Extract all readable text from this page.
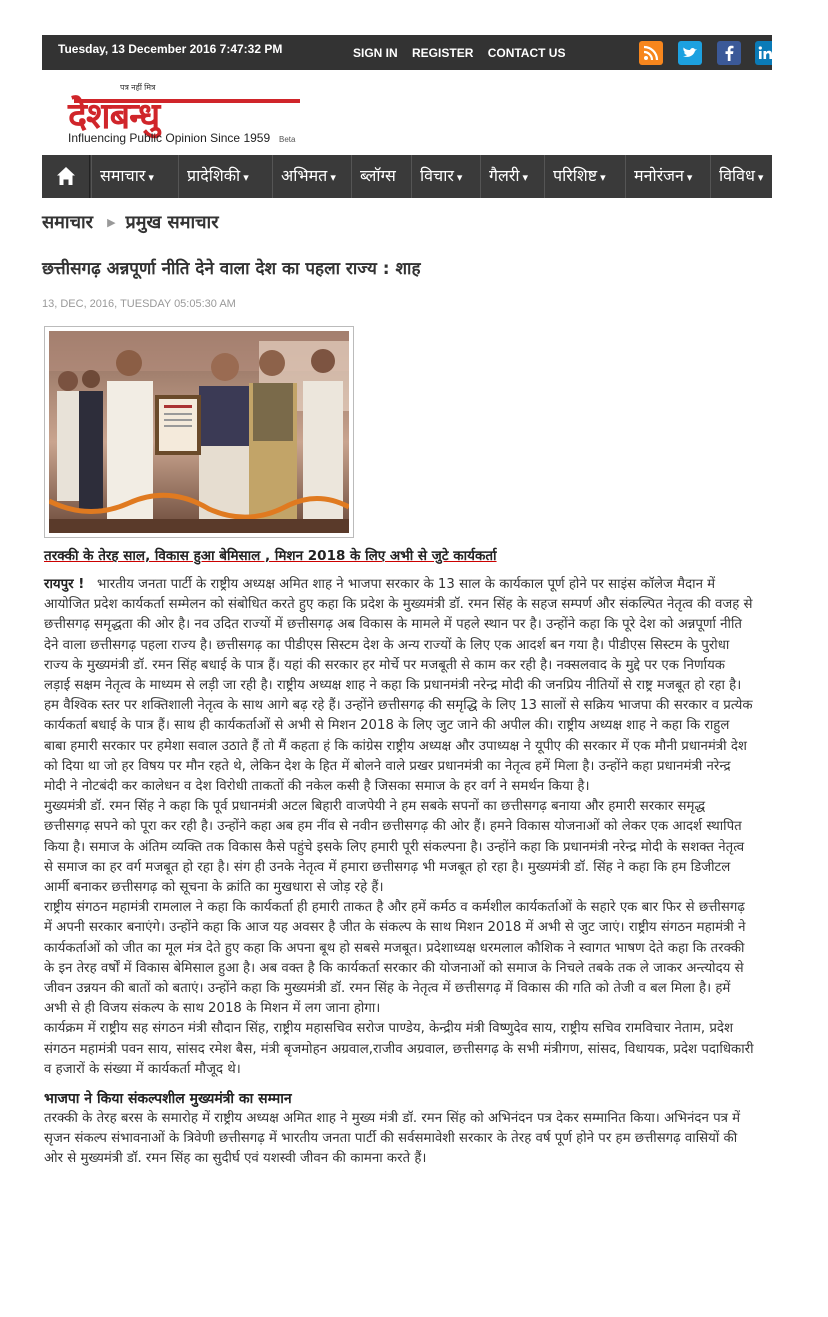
Tuesday, 13 December 2016 7:47:32 PM	SIGN IN REGISTER CONTACT US
पत्र नहीं मित्र
देशबन्धु
Influencing Public Opinion Since 1959 Beta
समाचार ▾	प्रादेशिकी ▾	अभिमत ▾	ब्लॉग्स	विचार ▾	गैलरी ▾	परिशिष्ट ▾	मनोरंजन ▾	विविध ▾
समाचार ▶ प्रमुख समाचार
छत्तीसगढ़ अन्नपूर्णा नीति देने वाला देश का पहला राज्य : शाह
13, DEC, 2016, TUESDAY 05:05:30 AM
तरक्की के तेरह साल, विकास हुआ बेमिसाल , मिशन 2018 के लिए अभी से जुटे कार्यकर्ता

रायपुर ! भारतीय जनता पार्टी के राष्ट्रीय अध्यक्ष अमित शाह ने भाजपा सरकार के 13 साल के कार्यकाल पूर्ण होने पर साइंस कॉलेज मैदान में आयोजित प्रदेश कार्यकर्ता सम्मेलन को संबोधित करते हुए कहा कि प्रदेश के मुख्यमंत्री डॉ. रमन सिंह के सहज सम्पर्ण और संकल्पित नेतृत्व की वजह से छत्तीसगढ़ समृद्धता की ओर है। नव उदित राज्यों में छत्तीसगढ़ अब विकास के मामले में पहले स्थान पर है। उन्होंने कहा कि पूरे देश को अन्नपूर्णा नीति देने वाला छत्तीसगढ़ पहला राज्य है। छत्तीसगढ़ का पीडीएस सिस्टम देश के अन्य राज्यों के लिए एक आदर्श बन गया है। पीडीएस सिस्टम के पुरोधा राज्य के मुख्यमंत्री डॉ. रमन सिंह बधाई के पात्र हैं। यहां की सरकार हर मोर्चे पर मजबूती से काम कर रही है। नक्सलवाद के मुद्दे पर एक निर्णायक लड़ाई सक्षम नेतृत्व के माध्यम से लड़ी जा रही है। राष्ट्रीय अध्यक्ष शाह ने कहा कि प्रधानमंत्री नरेन्द्र मोदी की जनप्रिय नीतियों से राष्ट्र मजबूत हो रहा है। हम वैश्विक स्तर पर शक्तिशाली नेतृत्व के साथ आगे बढ़ रहे हैं। उन्होंने छत्तीसगढ़ की समृद्धि के लिए 13 सालों से सक्रिय भाजपा की सरकार व प्रत्येक कार्यकर्ता बधाई के पात्र हैं। साथ ही कार्यकर्ताओं से अभी से मिशन 2018 के लिए जुट जाने की अपील की। राष्ट्रीय अध्यक्ष शाह ने कहा कि राहुल बाबा हमारी सरकार पर हमेशा सवाल उठाते हैं तो मैं कहता हं कि कांग्रेस राष्ट्रीय अध्यक्ष और उपाध्यक्ष ने यूपीए की सरकार में एक मौनी प्रधानमंत्री देश को दिया था जो हर विषय पर मौन रहते थे, लेकिन देश के हित में बोलने वाले प्रखर प्रधानमंत्री का नेतृत्व हमें मिला है। उन्होंने कहा प्रधानमंत्री नरेन्द्र मोदी ने नोटबंदी कर कालेधन व देश विरोधी ताकतों की नकेल कसी है जिसका समाज के हर वर्ग ने समर्थन किया है।

मुख्यमंत्री डॉ. रमन सिंह ने कहा कि पूर्व प्रधानमंत्री अटल बिहारी वाजपेयी ने हम सबके सपनों का छत्तीसगढ़ बनाया और हमारी सरकार समृद्ध छत्तीसगढ़ सपने को पूरा कर रही है। उन्होंने कहा अब हम नींव से नवीन छत्तीसगढ़ की ओर हैं। हमने विकास योजनाओं को लेकर एक आदर्श स्थापित किया है। समाज के अंतिम व्यक्ति तक विकास कैसे पहुंचे इसके लिए हमारी पूरी संकल्पना है। उन्होंने कहा कि प्रधानमंत्री नरेन्द्र मोदी के सशक्त नेतृत्व से समाज का हर वर्ग मजबूत हो रहा है। संग ही उनके नेतृत्व में हमारा छत्तीसगढ़ भी मजबूत हो रहा है। मुख्यमंत्री डॉ. सिंह ने कहा कि हम डिजीटल आर्मी बनाकर छत्तीसगढ़ को सूचना के क्रांति का मुखधारा से जोड़ रहे हैं।

राष्ट्रीय संगठन महामंत्री रामलाल ने कहा कि कार्यकर्ता ही हमारी ताकत है और हमें कर्मठ व कर्मशील कार्यकर्ताओं के सहारे एक बार फिर से छत्तीसगढ़ में अपनी सरकार बनाएंगे। उन्होंने कहा कि आज यह अवसर है जीत के संकल्प के साथ मिशन 2018 में अभी से जुट जाएं। राष्ट्रीय संगठन महामंत्री ने कार्यकर्ताओं को जीत का मूल मंत्र देते हुए कहा कि अपना बूथ हो सबसे मजबूत। प्रदेशाध्यक्ष धरमलाल कौशिक ने स्वागत भाषण देते कहा कि तरक्की के इन तेरह वर्षों में विकास बेमिसाल हुआ है। अब वक्त है कि कार्यकर्ता सरकार की योजनाओं को समाज के निचले तबके तक ले जाकर अन्त्योदय से जीवन उन्नयन की बातों को बताएं। उन्होंने कहा कि मुख्यमंत्री डॉ. रमन सिंह के नेतृत्व में छत्तीसगढ़ में विकास की गति को तेजी व बल मिला है। हमें अभी से ही विजय संकल्प के साथ 2018 के मिशन में लग जाना होगा।

कार्यक्रम में राष्ट्रीय सह संगठन मंत्री सौदान सिंह, राष्ट्रीय महासचिव सरोज पाण्डेय, केन्द्रीय मंत्री विष्णुदेव साय, राष्ट्रीय सचिव रामविचार नेताम, प्रदेश संगठन महामंत्री पवन साय, सांसद रमेश बैस, मंत्री बृजमोहन अग्रवाल,राजीव अग्रवाल, छत्तीसगढ़ के सभी मंत्रीगण, सांसद, विधायक, प्रदेश पदाधिकारी व हजारों के संख्या में कार्यकर्ता मौजूद थे।

भाजपा ने किया संकल्पशील मुख्यमंत्री का सम्मान

तरक्की के तेरह बरस के समारोह में राष्ट्रीय अध्यक्ष अमित शाह ने मुख्य मंत्री डॉ. रमन सिंह को अभिनंदन पत्र देकर सम्मानित किया। अभिनंदन पत्र में सृजन संकल्प संभावनाओं के त्रिवेणी छत्तीसगढ़ में भारतीय जनता पार्टी की सर्वसमावेशी सरकार के तेरह वर्ष पूर्ण होने पर हम छत्तीसगढ़ वासियों की ओर से मुख्यमंत्री डॉ. रमन सिंह का सुदीर्घ एवं यशस्वी जीवन की कामना करते हैं।
